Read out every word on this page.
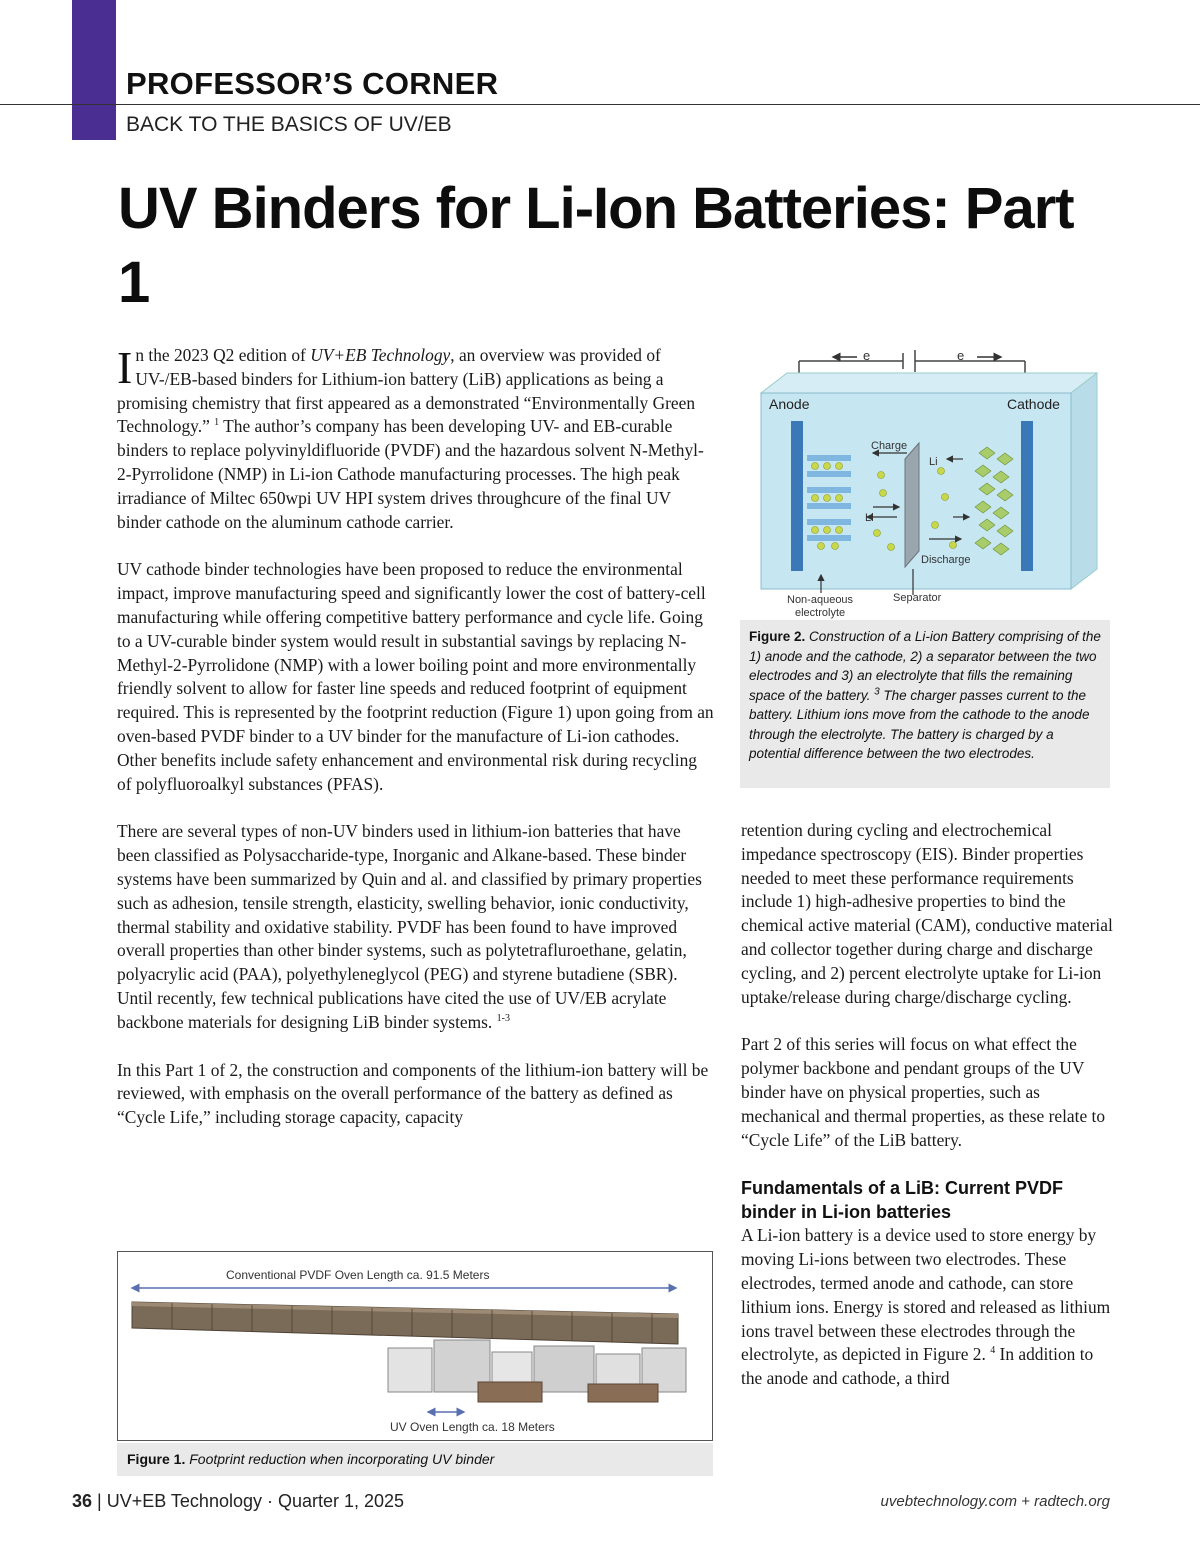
PROFESSOR’S CORNER
BACK TO THE BASICS OF UV/EB
UV Binders for Li-Ion Batteries: Part 1

In the 2023 Q2 edition of UV+EB Technology, an overview was provided of UV-/EB-based binders for Lithium-ion battery (LiB) applications as being a promising chemistry that first appeared as a demonstrated “Environmentally Green Technology.” $^1$ The author’s company has been developing UV- and EB-curable binders to replace polyvinyldifluoride (PVDF) and the hazardous solvent N-Methyl-2-Pyrrolidone (NMP) in Li-ion Cathode manufacturing processes. The high peak irradiance of Miltec 650wpi UV HPI system drives throughcure of the final UV binder cathode on the aluminum cathode carrier.

UV cathode binder technologies have been proposed to reduce the environmental impact, improve manufacturing speed and significantly lower the cost of battery-cell manufacturing while offering competitive battery performance and cycle life. Going to a UV-curable binder system would result in substantial savings by replacing N-Methyl-2-Pyrrolidone (NMP) with a lower boiling point and more environmentally friendly solvent to allow for faster line speeds and reduced footprint of equipment required. This is represented by the footprint reduction (Figure 1) upon going from an oven-based PVDF binder to a UV binder for the manufacture of Li-ion cathodes. Other benefits include safety enhancement and environmental risk during recycling of polyfluoroalkyl substances (PFAS).

There are several types of non-UV binders used in lithium-ion batteries that have been classified as Polysaccharide-type, Inorganic and Alkane-based. These binder systems have been summarized by Quin and al. and classified by primary properties such as adhesion, tensile strength, elasticity, swelling behavior, ionic conductivity, thermal stability and oxidative stability. PVDF has been found to have improved overall properties than other binder systems, such as polytetrafluroethane, gelatin, polyacrylic acid (PAA), polyethyleneglycol (PEG) and styrene butadiene (SBR). Until recently, few technical publications have cited the use of UV/EB acrylate backbone materials for designing LiB binder systems. $^{1-3}$

In this Part 1 of 2, the construction and components of the lithium-ion battery will be reviewed, with emphasis on the overall performance of the battery as defined as “Cycle Life,” including storage capacity, capacity

e	e
Anode	Cathode
Charge
Li
Li
Discharge
Non-aqueous
electrolyte
Separator
Figure 2. Construction of a Li-ion Battery comprising of the 1) anode and the cathode, 2) a separator between the two electrodes and 3) an electrolyte that fills the remaining space of the battery. $^3$ The charger passes current to the battery. Lithium ions move from the cathode to the anode through the electrolyte. The battery is charged by a potential difference between the two electrodes.

retention during cycling and electrochemical impedance spectroscopy (EIS). Binder properties needed to meet these performance requirements include 1) high-adhesive properties to bind the chemical active material (CAM), conductive material and collector together during charge and discharge cycling, and 2) percent electrolyte uptake for Li-ion uptake/release during charge/discharge cycling.

Part 2 of this series will focus on what effect the polymer backbone and pendant groups of the UV binder have on physical properties, such as mechanical and thermal properties, as these relate to “Cycle Life” of the LiB battery.

Fundamentals of a LiB: Current PVDF binder in Li-ion batteries

A Li-ion battery is a device used to store energy by moving Li-ions between two electrodes. These electrodes, termed anode and cathode, can store lithium ions. Energy is stored and released as lithium ions travel between these electrodes through the electrolyte, as depicted in Figure 2. $^4$ In addition to the anode and cathode, a third

Conventional PVDF Oven Length ca. 91.5 Meters
UV Oven Length ca. 18 Meters
Figure 1. Footprint reduction when incorporating UV binder
36 | UV+EB Technology · Quarter 1, 2025	uvebtechnology.com + radtech.org
